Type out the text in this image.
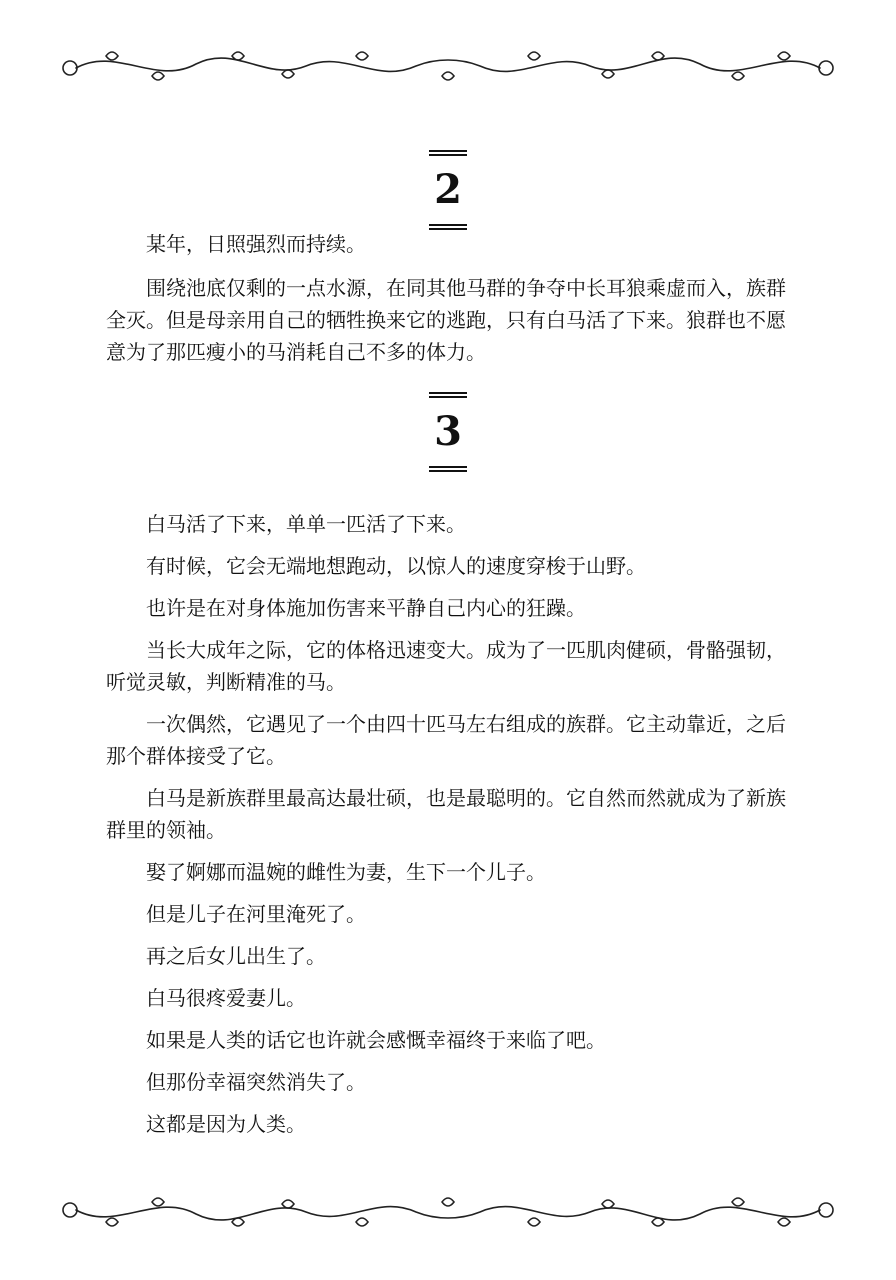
2

某年，日照强烈而持续。

围绕池底仅剩的一点水源，在同其他马群的争夺中长耳狼乘虚而入，族群全灭。但是母亲用自己的牺牲换来它的逃跑，只有白马活了下来。狼群也不愿意为了那匹瘦小的马消耗自己不多的体力。

3

白马活了下来，单单一匹活了下来。

有时候，它会无端地想跑动，以惊人的速度穿梭于山野。

也许是在对身体施加伤害来平静自己内心的狂躁。

当长大成年之际，它的体格迅速变大。成为了一匹肌肉健硕，骨骼强韧，听觉灵敏，判断精准的马。

一次偶然，它遇见了一个由四十匹马左右组成的族群。它主动靠近，之后那个群体接受了它。

白马是新族群里最高达最壮硕，也是最聪明的。它自然而然就成为了新族群里的领袖。

娶了婀娜而温婉的雌性为妻，生下一个儿子。

但是儿子在河里淹死了。

再之后女儿出生了。

白马很疼爱妻儿。

如果是人类的话它也许就会感慨幸福终于来临了吧。

但那份幸福突然消失了。

这都是因为人类。
